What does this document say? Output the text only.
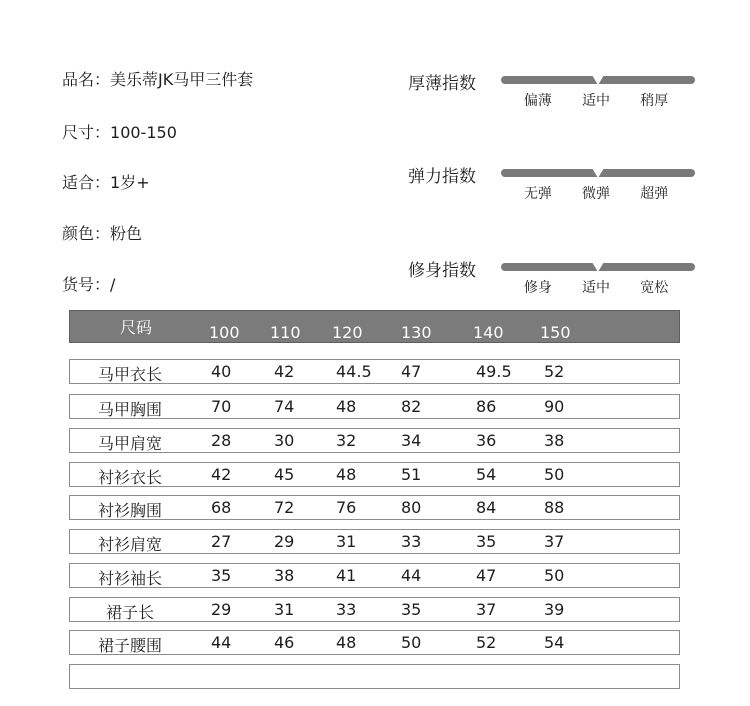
品名：美乐蒂JK马甲三件套
尺寸：100-150
适合：1岁+
颜色：粉色
货号：/
厚薄指数
偏薄 适中 稍厚
弹力指数
无弹 微弹 超弹
修身指数
修身 适中 宽松
尺码	100 110 120 130	140 150
马甲衣长	40	42	44.5 47	49.5 52
马甲胸围	70	74	48	82	86	90
马甲肩宽	28	30	32	34	36	38
衬衫衣长	42	45	48	51	54	50
衬衫胸围	68	72	76	80	84	88
衬衫肩宽	27	29	31	33	35	37
衬衫袖长	35	38	41	44	47	50
裙子长	29	31	33	35	37	39
裙子腰围	44	46	48	50	52	54
